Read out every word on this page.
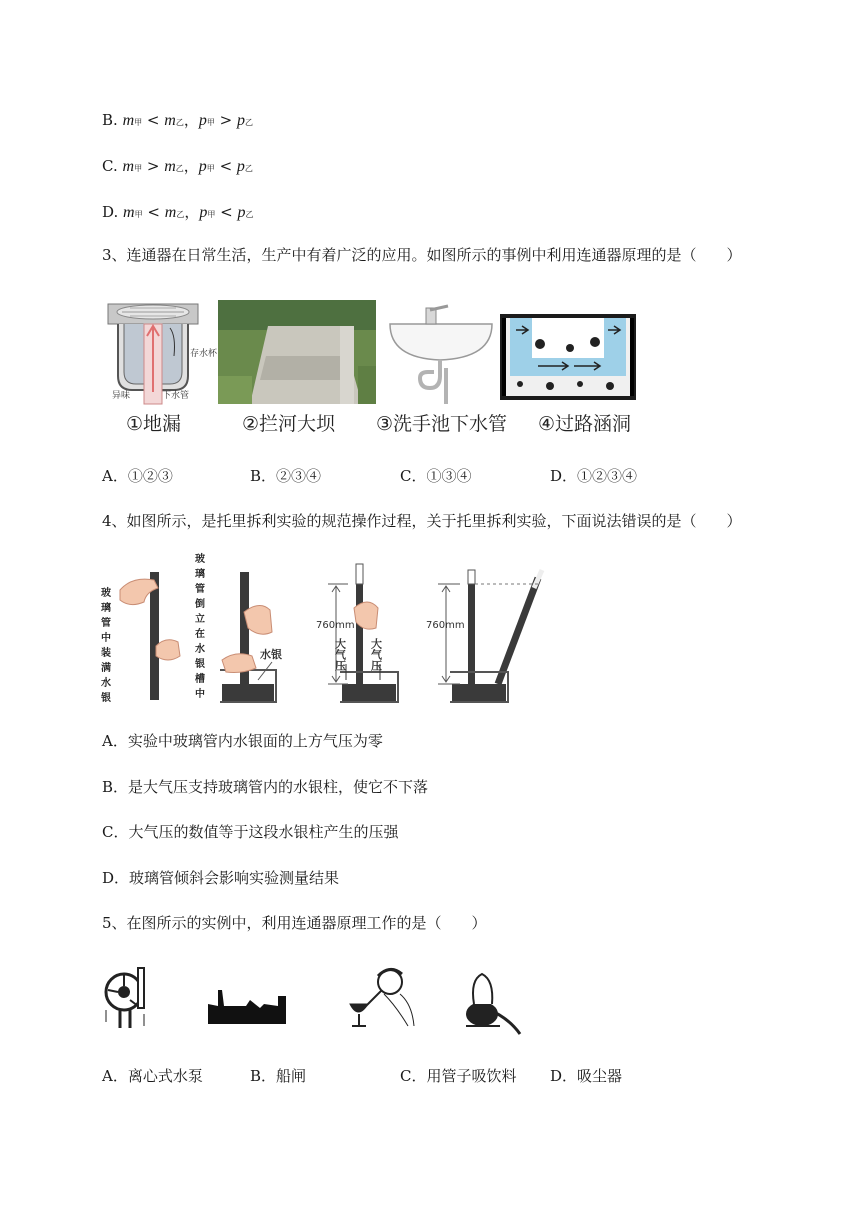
B. m甲 < m乙，p甲 > p乙
C. m甲 > m乙，p甲 < p乙
D. m甲 < m乙，p甲 < p乙
3、连通器在日常生活，生产中有着广泛的应用。如图所示的事例中利用连通器原理的是（　　）
存水杯
异味	下水管
①地漏	②拦河大坝 ③洗手池下水管 ④过路涵洞
A．①②③	B．②③④	C．①③④	D．①②③④
4、如图所示，是托里拆利实验的规范操作过程，关于托里拆利实验，下面说法错误的是（　　）
玻璃管中装满水银
玻璃管倒立在水银槽中
水银
760mm
大气压 大气压
760mm
A．实验中玻璃管内水银面的上方气压为零
B．是大气压支持玻璃管内的水银柱，使它不下落
C．大气压的数值等于这段水银柱产生的压强
D．玻璃管倾斜会影响实验测量结果
5、在图所示的实例中，利用连通器原理工作的是（　　）
A．离心式水泵	B．船闸	C．用管子吸饮料 D．吸尘器
